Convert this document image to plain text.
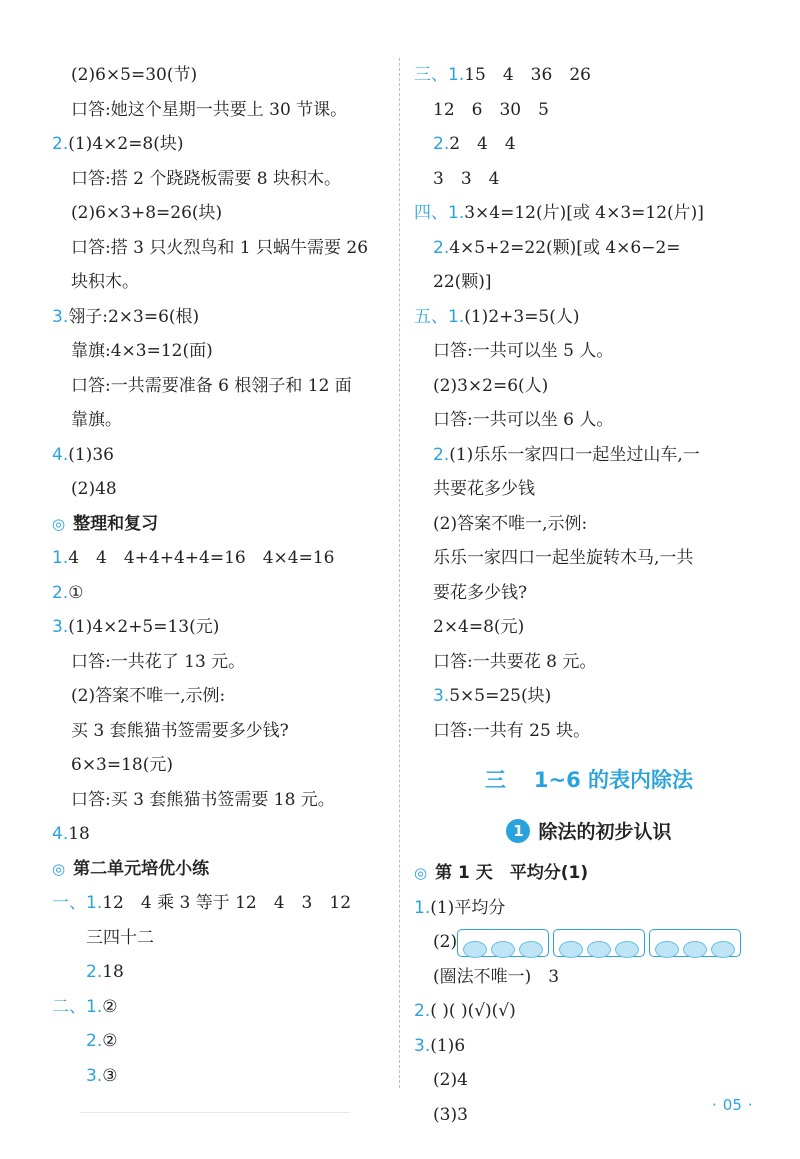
(2)6×5=30(节)
口答:她这个星期一共要上 30 节课。
2.(1)4×2=8(块)
口答:搭 2 个跷跷板需要 8 块积木。
(2)6×3+8=26(块)
口答:搭 3 只火烈鸟和 1 只蜗牛需要 26
块积木。
3.翎子:2×3=6(根)
靠旗:4×3=12(面)
口答:一共需要准备 6 根翎子和 12 面
靠旗。
4.(1)36
(2)48
◎ 整理和复习
1.4　4　4+4+4+4=16　4×4=16
2.①
3.(1)4×2+5=13(元)
口答:一共花了 13 元。
(2)答案不唯一,示例:
买 3 套熊猫书签需要多少钱?
6×3=18(元)
口答:买 3 套熊猫书签需要 18 元。
4.18
◎ 第二单元培优小练
一、1.12　4 乘 3 等于 12　4　3　12
三四十二
2.18
二、1.②
2.②
3.③
三、1.15　4　36　26
12　6　30　5
2.2　4　4
3　3　4
四、1.3×4=12(片)[或 4×3=12(片)]
2.4×5+2=22(颗)[或 4×6−2=
22(颗)]
五、1.(1)2+3=5(人)
口答:一共可以坐 5 人。
(2)3×2=6(人)
口答:一共可以坐 6 人。
2.(1)乐乐一家四口一起坐过山车,一
共要花多少钱
(2)答案不唯一,示例:
乐乐一家四口一起坐旋转木马,一共
要花多少钱?
2×4=8(元)
口答:一共要花 8 元。
3.5×5=25(块)
口答:一共有 25 块。
三 1~6 的表内除法
1 除法的初步认识
◎ 第 1 天　平均分(1)
1.(1)平均分
(2)
(圈法不唯一)　3
2.( )( )(√)(√)
3.(1)6
(2)4
(3)3	· 05 ·
